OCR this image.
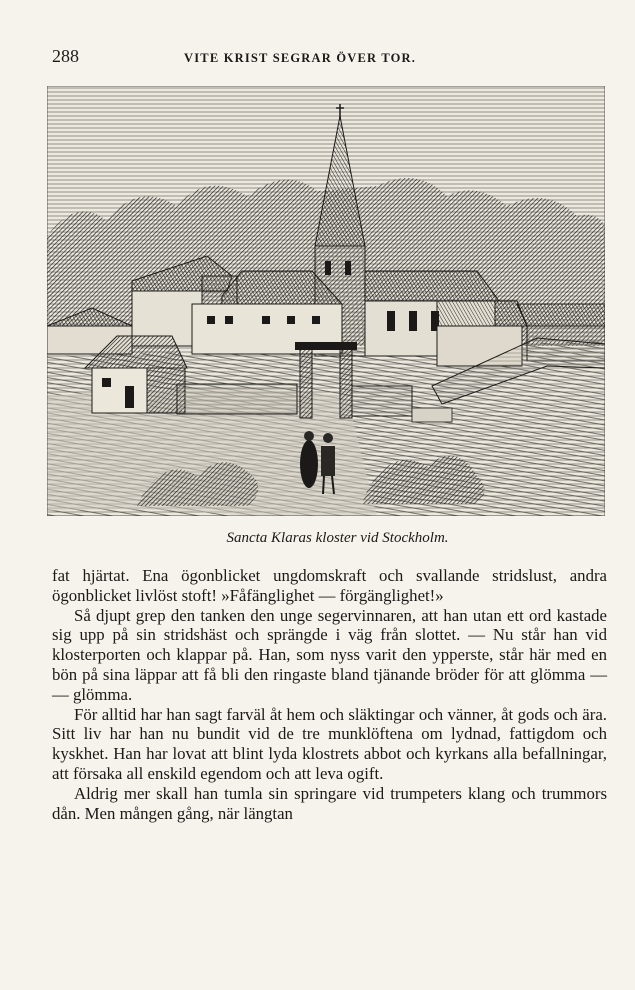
288	VITE KRIST SEGRAR ÖVER TOR.
Sancta Klaras kloster vid Stockholm.

fat hjärtat. Ena ögonblicket ungdomskraft och svallande stridslust, andra ögonblicket livlöst stoft! »Fåfänglighet — förgänglighet!»

Så djupt grep den tanken den unge segervinnaren, att han utan ett ord kastade sig upp på sin stridshäst och sprängde i väg från slottet. — Nu står han vid klosterporten och klappar på. Han, som nyss varit den ypperste, står här med en bön på sina läppar att få bli den ringaste bland tjänande bröder för att glömma — — glömma.

För alltid har han sagt farväl åt hem och släktingar och vänner, åt gods och ära. Sitt liv har han nu bundit vid de tre munklöftena om lydnad, fattigdom och kyskhet. Han har lovat att blint lyda klostrets abbot och kyrkans alla befallningar, att försaka all enskild egendom och att leva ogift.

Aldrig mer skall han tumla sin springare vid trumpeters klang och trummors dån. Men mången gång, när längtan
